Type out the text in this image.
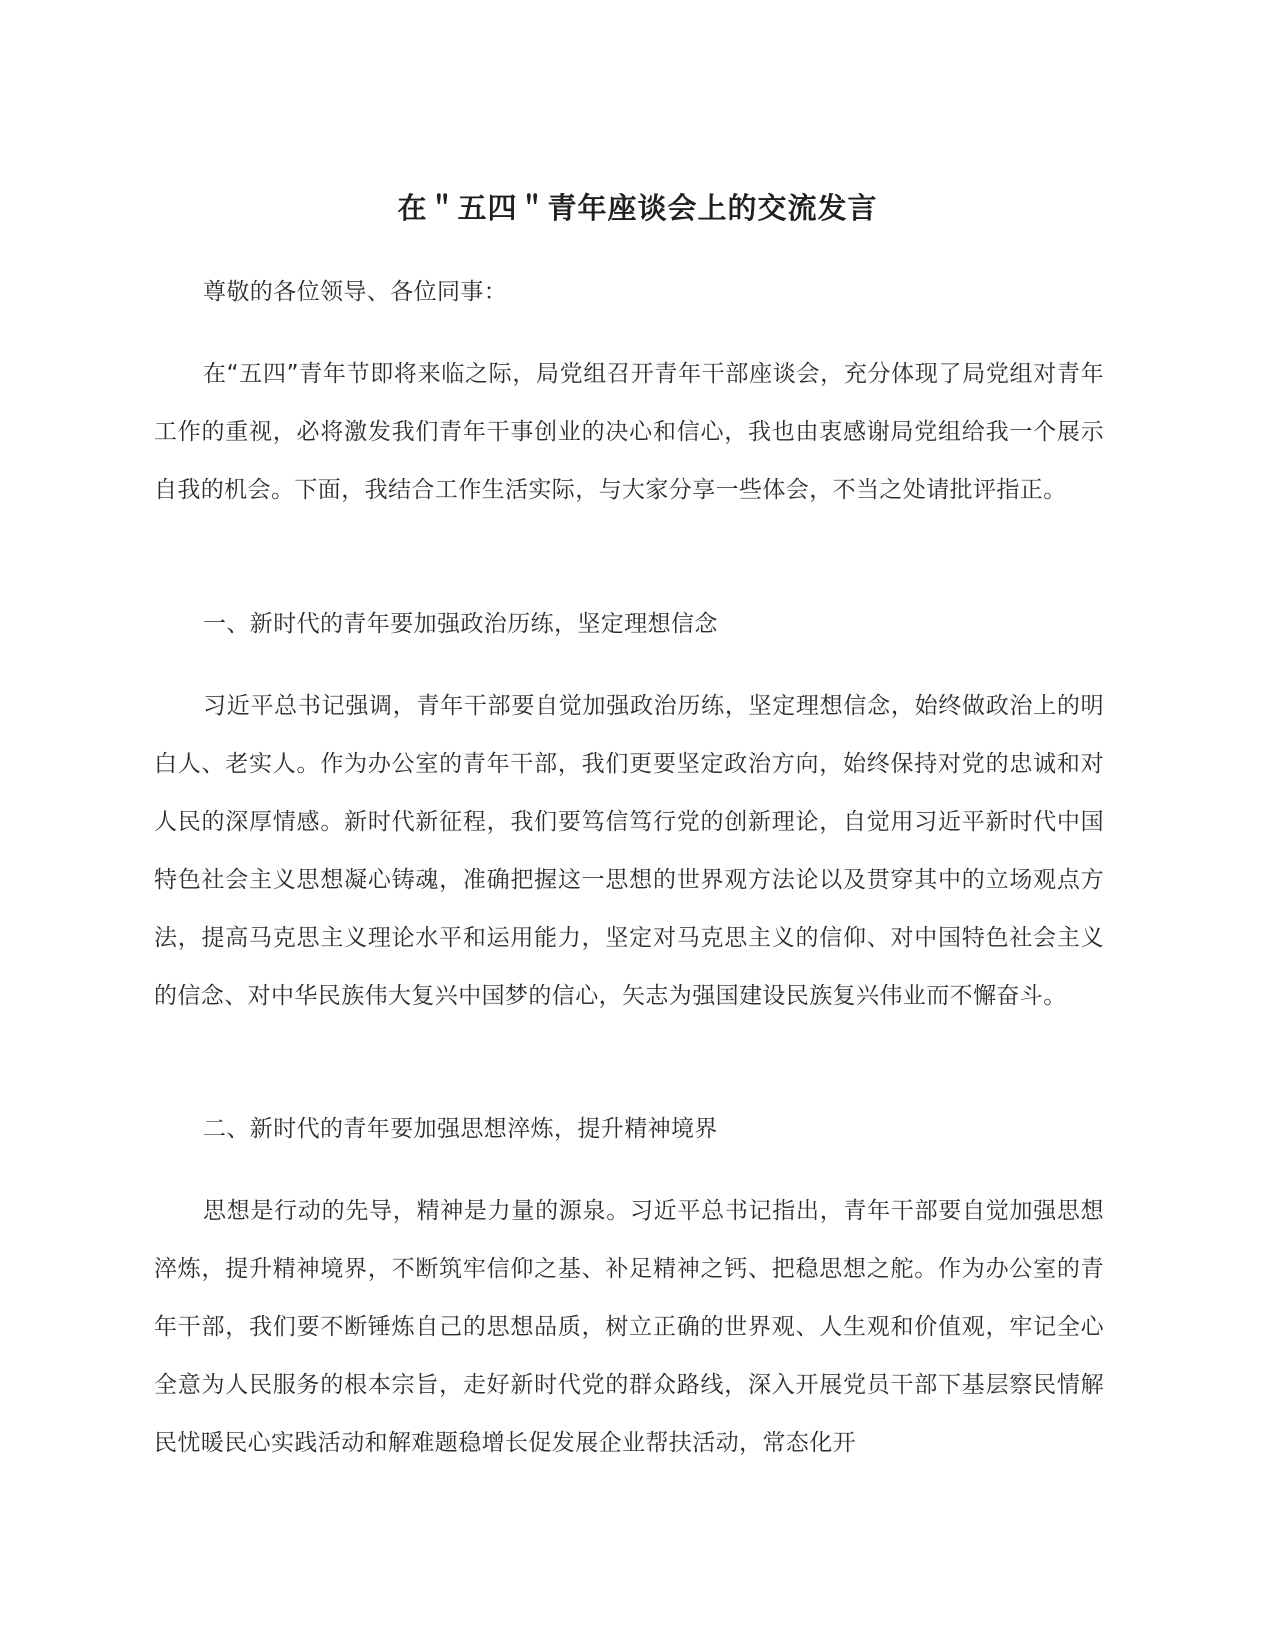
在＂五四＂青年座谈会上的交流发言

尊敬的各位领导、各位同事：

在“五四”青年节即将来临之际，局党组召开青年干部座谈会，充分体现了局党组对青年工作的重视，必将激发我们青年干事创业的决心和信心，我也由衷感谢局党组给我一个展示自我的机会。下面，我结合工作生活实际，与大家分享一些体会，不当之处请批评指正。

一、新时代的青年要加强政治历练，坚定理想信念

习近平总书记强调，青年干部要自觉加强政治历练，坚定理想信念，始终做政治上的明白人、老实人。作为办公室的青年干部，我们更要坚定政治方向，始终保持对党的忠诚和对人民的深厚情感。新时代新征程，我们要笃信笃行党的创新理论，自觉用习近平新时代中国特色社会主义思想凝心铸魂，准确把握这一思想的世界观方法论以及贯穿其中的立场观点方法，提高马克思主义理论水平和运用能力，坚定对马克思主义的信仰、对中国特色社会主义的信念、对中华民族伟大复兴中国梦的信心，矢志为强国建设民族复兴伟业而不懈奋斗。

二、新时代的青年要加强思想淬炼，提升精神境界

思想是行动的先导，精神是力量的源泉。习近平总书记指出，青年干部要自觉加强思想淬炼，提升精神境界，不断筑牢信仰之基、补足精神之钙、把稳思想之舵。作为办公室的青年干部，我们要不断锤炼自己的思想品质，树立正确的世界观、人生观和价值观，牢记全心全意为人民服务的根本宗旨，走好新时代党的群众路线，深入开展党员干部下基层察民情解民忧暖民心实践活动和解难题稳增长促发展企业帮扶活动，常态化开
